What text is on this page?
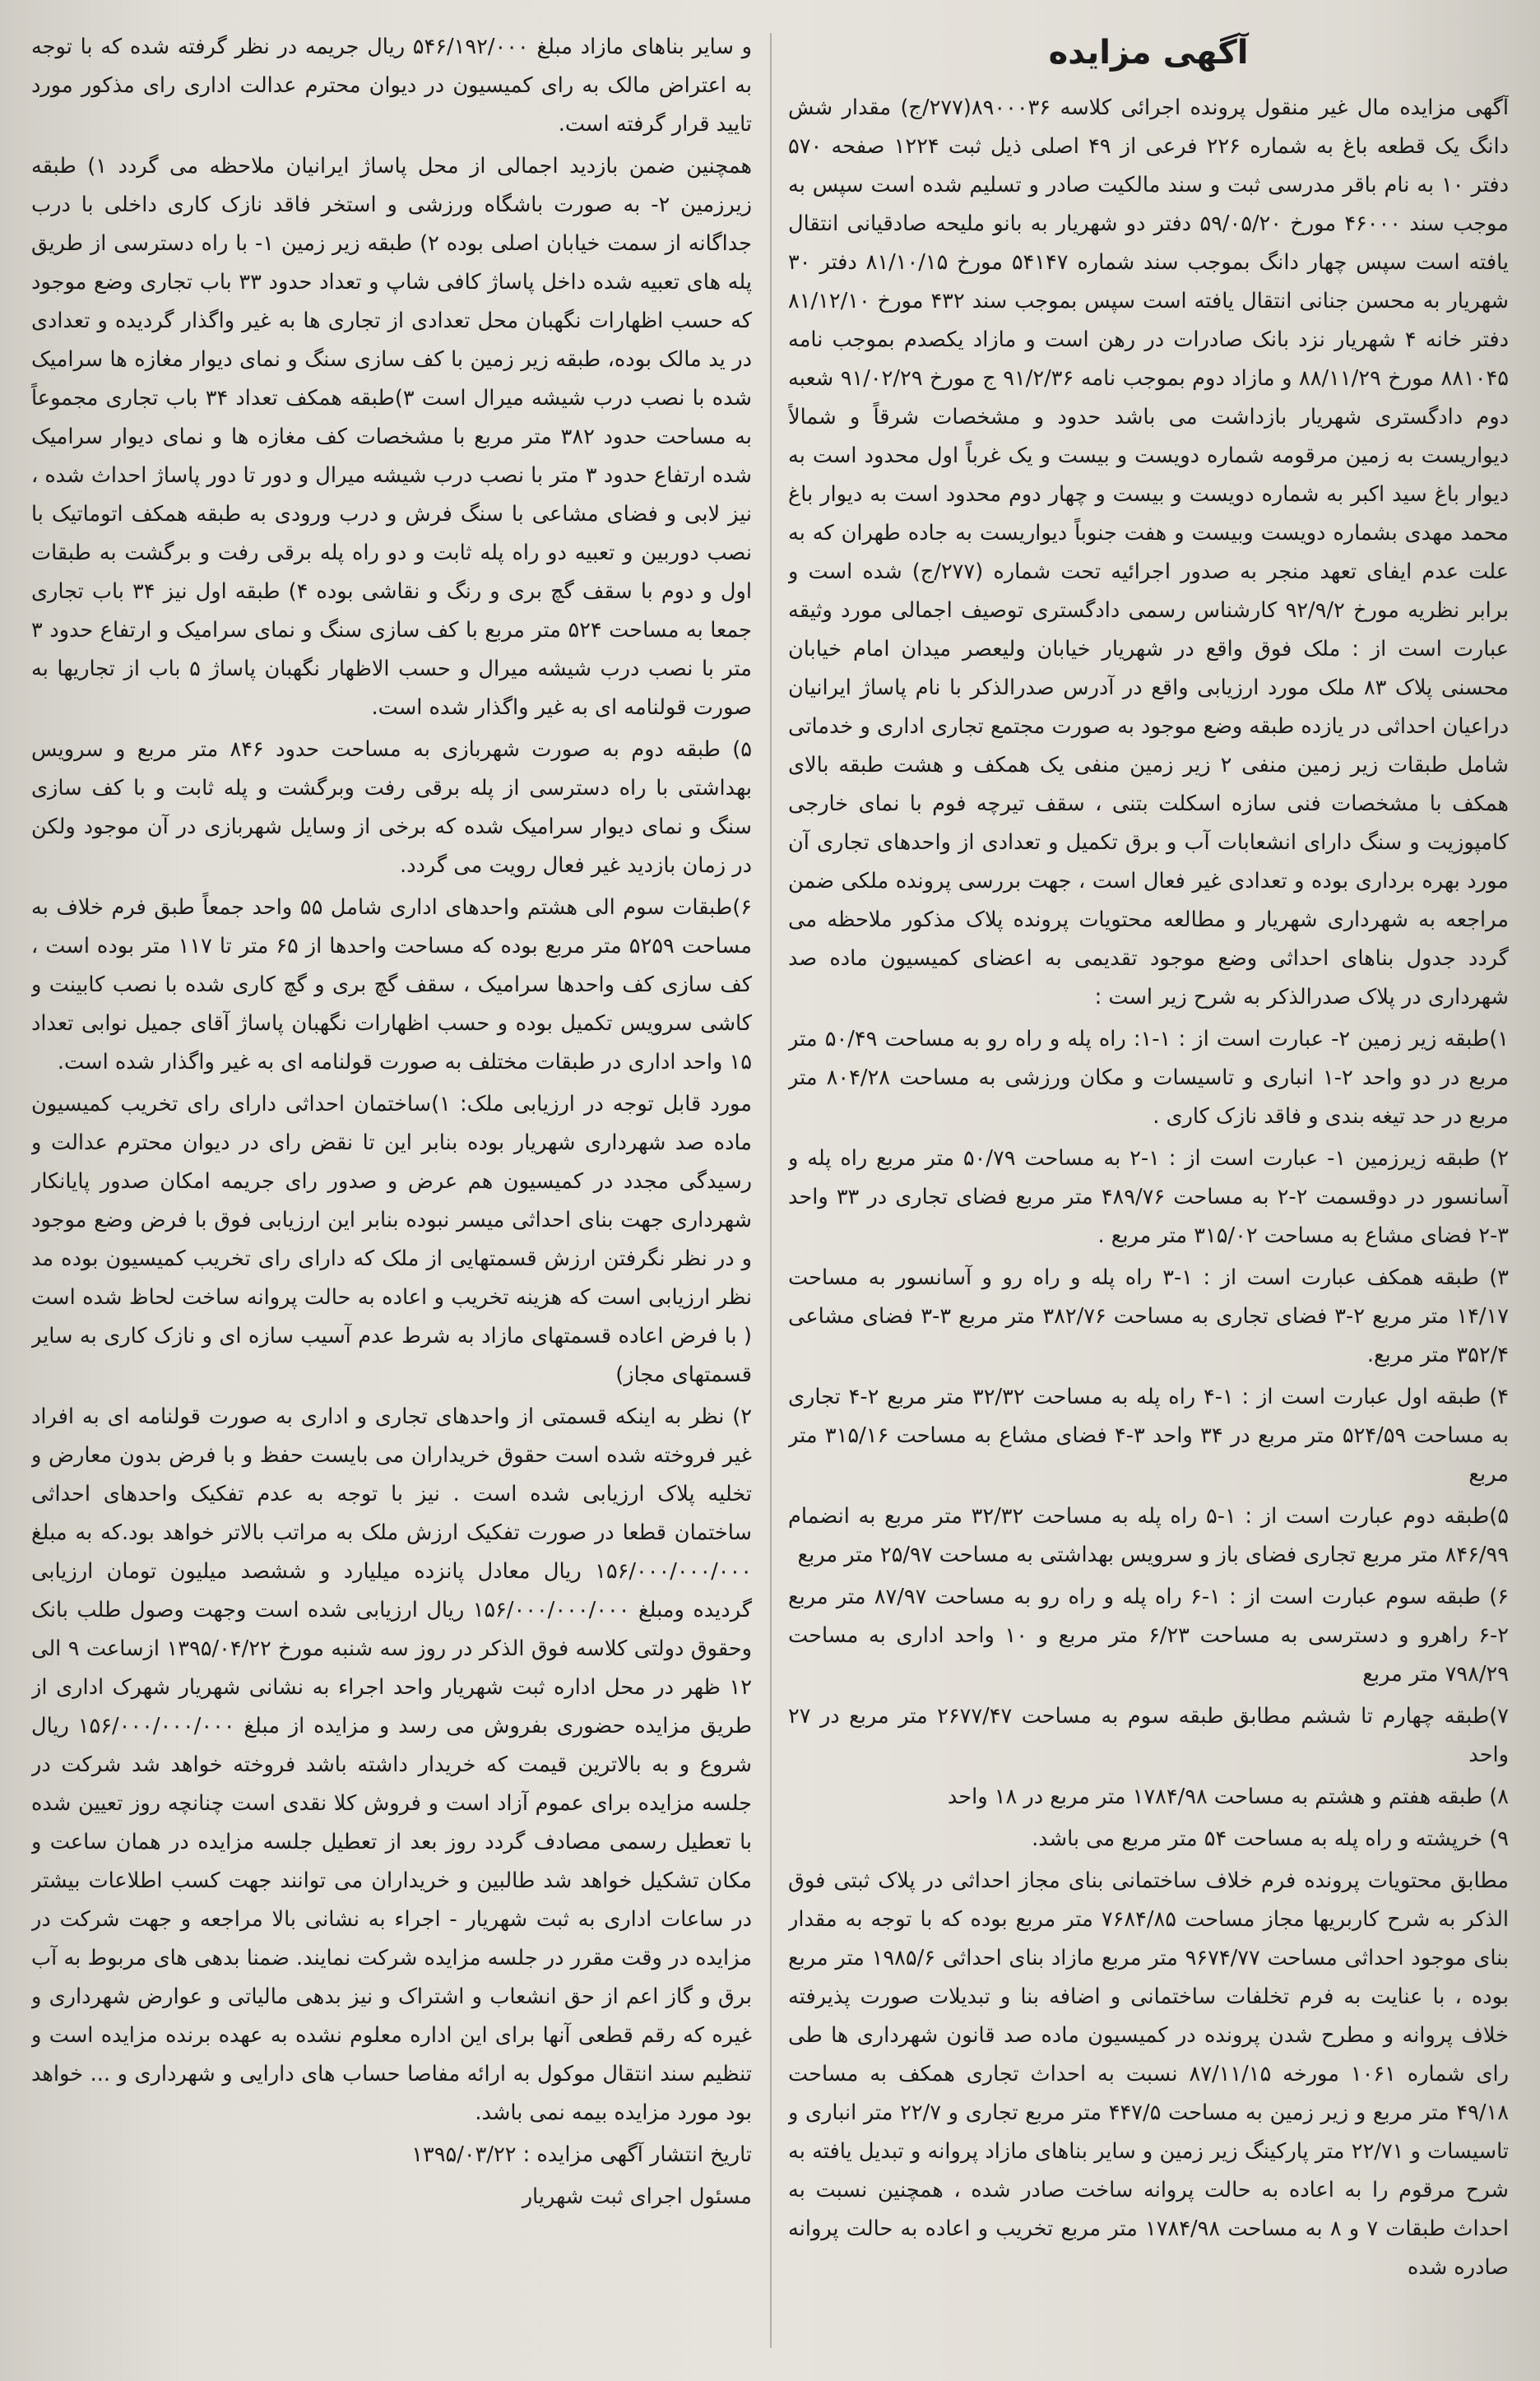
آگهی مزایده

آگهی مزایده مال غیر منقول پرونده اجرائی کلاسه ۸۹۰۰۰۳۶(۲۷۷/ج) مقدار شش دانگ یک قطعه باغ به شماره ۲۲۶ فرعی از ۴۹ اصلی ذیل ثبت ۱۲۲۴ صفحه ۵۷۰ دفتر ۱۰ به نام باقر مدرسی ثبت و سند مالکیت صادر و تسلیم شده است سپس به موجب سند ۴۶۰۰۰ مورخ ۵۹/۰۵/۲۰ دفتر دو شهریار به بانو ملیحه صادقیانی انتقال یافته است سپس چهار دانگ بموجب سند شماره ۵۴۱۴۷ مورخ ۸۱/۱۰/۱۵ دفتر ۳۰ شهریار به محسن جنانی انتقال یافته است سپس بموجب سند ۴۳۲ مورخ ۸۱/۱۲/۱۰ دفتر خانه ۴ شهریار نزد بانک صادرات در رهن است و مازاد یکصدم بموجب نامه ۸۸۱۰۴۵ مورخ ۸۸/۱۱/۲۹ و مازاد دوم بموجب نامه ۹۱/۲/۳۶ ج مورخ ۹۱/۰۲/۲۹ شعبه دوم دادگستری شهریار بازداشت می باشد حدود و مشخصات شرقاً و شمالاً دیواریست به زمین مرقومه شماره دویست و بیست و یک غرباً اول محدود است به دیوار باغ سید اکبر به شماره دویست و بیست و چهار دوم محدود است به دیوار باغ محمد مهدی بشماره دویست وبیست و هفت جنوباً دیواریست به جاده طهران که به علت عدم ایفای تعهد منجر به صدور اجرائیه تحت شماره (۲۷۷/ج) شده است و برابر نظریه مورخ ۹۲/۹/۲ کارشناس رسمی دادگستری توصیف اجمالی مورد وثیقه عبارت است از : ملک فوق واقع در شهریار خیابان ولیعصر میدان امام خیابان محسنی پلاک ۸۳ ملک مورد ارزیابی واقع در آدرس صدرالذکر با نام پاساژ ایرانیان دراعیان احداثی در یازده طبقه وضع موجود به صورت مجتمع تجاری اداری و خدماتی شامل طبقات زیر زمین منفی ۲ زیر زمین منفی یک همکف و هشت طبقه بالای همکف با مشخصات فنی سازه اسکلت بتنی ، سقف تیرچه فوم با نمای خارجی کامپوزیت و سنگ دارای انشعابات آب و برق تکمیل و تعدادی از واحدهای تجاری آن مورد بهره برداری بوده و تعدادی غیر فعال است ، جهت بررسی پرونده ملکی ضمن مراجعه به شهرداری شهریار و مطالعه محتویات پرونده پلاک مذکور ملاحظه می گردد جدول بناهای احداثی وضع موجود تقدیمی به اعضای کمیسیون ماده صد شهرداری در پلاک صدرالذکر به شرح زیر است :

۱)طبقه زیر زمین ۲- عبارت است از : ۱-۱: راه پله و راه رو به مساحت ۵۰/۴۹ متر مربع در دو واحد ۲-۱ انباری و تاسیسات و مکان ورزشی به مساحت ۸۰۴/۲۸ متر مربع در حد تیغه بندی و فاقد نازک کاری .
۲) طبقه زیرزمین ۱- عبارت است از : ۱-۲ به مساحت ۵۰/۷۹ متر مربع راه پله و آسانسور در دوقسمت ۲-۲ به مساحت ۴۸۹/۷۶ متر مربع فضای تجاری در ۳۳ واحد ۳-۲ فضای مشاع به مساحت ۳۱۵/۰۲ متر مربع .
۳) طبقه همکف عبارت است از : ۱-۳ راه پله و راه رو و آسانسور به مساحت ۱۴/۱۷ متر مربع ۲-۳ فضای تجاری به مساحت ۳۸۲/۷۶ متر مربع ۳-۳ فضای مشاعی ۳۵۲/۴ متر مربع.
۴) طبقه اول عبارت است از : ۱-۴ راه پله به مساحت ۳۲/۳۲ متر مربع ۲-۴ تجاری به مساحت ۵۲۴/۵۹ متر مربع در ۳۴ واحد ۳-۴ فضای مشاع به مساحت ۳۱۵/۱۶ متر مربع
۵)طبقه دوم عبارت است از : ۱-۵ راه پله به مساحت ۳۲/۳۲ متر مربع به انضمام ۸۴۶/۹۹ متر مربع تجاری فضای باز و سرویس بهداشتی به مساحت ۲۵/۹۷ متر مربع
۶) طبقه سوم عبارت است از : ۱-۶ راه پله و راه رو به مساحت ۸۷/۹۷ متر مربع ۲-۶ راهرو و دسترسی به مساحت ۶/۲۳ متر مربع و ۱۰ واحد اداری به مساحت ۷۹۸/۲۹ متر مربع
۷)طبقه چهارم تا ششم مطابق طبقه سوم به مساحت ۲۶۷۷/۴۷ متر مربع در ۲۷ واحد
۸) طبقه هفتم و هشتم به مساحت ۱۷۸۴/۹۸ متر مربع در ۱۸ واحد
۹) خرپشته و راه پله به مساحت ۵۴ متر مربع می باشد.

مطابق محتویات پرونده فرم خلاف ساختمانی بنای مجاز احداثی در پلاک ثبتی فوق الذکر به شرح کاربریها مجاز مساحت ۷۶۸۴/۸۵ متر مربع بوده که با توجه به مقدار بنای موجود احداثی مساحت ۹۶۷۴/۷۷ متر مربع مازاد بنای احداثی ۱۹۸۵/۶ متر مربع بوده ، با عنایت به فرم تخلفات ساختمانی و اضافه بنا و تبدیلات صورت پذیرفته خلاف پروانه و مطرح شدن پرونده در کمیسیون ماده صد قانون شهرداری ها طی رای شماره ۱۰۶۱ مورخه ۸۷/۱۱/۱۵ نسبت به احداث تجاری همکف به مساحت ۴۹/۱۸ متر مربع و زیر زمین به مساحت ۴۴۷/۵ متر مربع تجاری و ۲۲/۷ متر انباری و تاسیسات و ۲۲/۷۱ متر پارکینگ زیر زمین و سایر بناهای مازاد پروانه و تبدیل یافته به شرح مرقوم را به اعاده به حالت پروانه ساخت صادر شده ، همچنین نسبت به احداث طبقات ۷ و ۸ به مساحت ۱۷۸۴/۹۸ متر مربع تخریب و اعاده به حالت پروانه صادره شده

و سایر بناهای مازاد مبلغ ۵۴۶/۱۹۲/۰۰۰ ریال جریمه در نظر گرفته شده که با توجه به اعتراض مالک به رای کمیسیون در دیوان محترم عدالت اداری رای مذکور مورد تایید قرار گرفته است.

همچنین ضمن بازدید اجمالی از محل پاساژ ایرانیان ملاحظه می گردد ۱) طبقه زیرزمین ۲- به صورت باشگاه ورزشی و استخر فاقد نازک کاری داخلی با درب جداگانه از سمت خیابان اصلی بوده ۲) طبقه زیر زمین ۱- با راه دسترسی از طریق پله های تعبیه شده داخل پاساژ کافی شاپ و تعداد حدود ۳۳ باب تجاری وضع موجود که حسب اظهارات نگهبان محل تعدادی از تجاری ها به غیر واگذار گردیده و تعدادی در ید مالک بوده، طبقه زیر زمین با کف سازی سنگ و نمای دیوار مغازه ها سرامیک شده با نصب درب شیشه میرال است ۳)طبقه همکف تعداد ۳۴ باب تجاری مجموعاً به مساحت حدود ۳۸۲ متر مربع با مشخصات کف مغازه ها و نمای دیوار سرامیک شده ارتفاع حدود ۳ متر با نصب درب شیشه میرال و دور تا دور پاساژ احداث شده ، نیز لابی و فضای مشاعی با سنگ فرش و درب ورودی به طبقه همکف اتوماتیک با نصب دوربین و تعبیه دو راه پله ثابت و دو راه پله برقی رفت و برگشت به طبقات اول و دوم با سقف گچ بری و رنگ و نقاشی بوده ۴) طبقه اول نیز ۳۴ باب تجاری جمعا به مساحت ۵۲۴ متر مربع با کف سازی سنگ و نمای سرامیک و ارتفاع حدود ۳ متر با نصب درب شیشه میرال و حسب الاظهار نگهبان پاساژ ۵ باب از تجاریها به صورت قولنامه ای به غیر واگذار شده است.

۵) طبقه دوم به صورت شهربازی به مساحت حدود ۸۴۶ متر مربع و سرویس بهداشتی با راه دسترسی از پله برقی رفت وبرگشت و پله ثابت و با کف سازی سنگ و نمای دیوار سرامیک شده که برخی از وسایل شهربازی در آن موجود ولکن در زمان بازدید غیر فعال رویت می گردد.

۶)طبقات سوم الی هشتم واحدهای اداری شامل ۵۵ واحد جمعاً طبق فرم خلاف به مساحت ۵۲۵۹ متر مربع بوده که مساحت واحدها از ۶۵ متر تا ۱۱۷ متر بوده است ، کف سازی کف واحدها سرامیک ، سقف گچ بری و گچ کاری شده با نصب کابینت و کاشی سرویس تکمیل بوده و حسب اظهارات نگهبان پاساژ آقای جمیل نوابی تعداد ۱۵ واحد اداری در طبقات مختلف به صورت قولنامه ای به غیر واگذار شده است.

مورد قابل توجه در ارزیابی ملک: ۱)ساختمان احداثی دارای رای تخریب کمیسیون ماده صد شهرداری شهریار بوده بنابر این تا نقض رای در دیوان محترم عدالت و رسیدگی مجدد در کمیسیون هم عرض و صدور رای جریمه امکان صدور پایانکار شهرداری جهت بنای احداثی میسر نبوده بنابر این ارزیابی فوق با فرض وضع موجود و در نظر نگرفتن ارزش قسمتهایی از ملک که دارای رای تخریب کمیسیون بوده مد نظر ارزیابی است که هزینه تخریب و اعاده به حالت پروانه ساخت لحاظ شده است ( با فرض اعاده قسمتهای مازاد به شرط عدم آسیب سازه ای و نازک کاری به سایر قسمتهای مجاز)

۲) نظر به اینکه قسمتی از واحدهای تجاری و اداری به صورت قولنامه ای به افراد غیر فروخته شده است حقوق خریداران می بایست حفظ و با فرض بدون معارض و تخلیه پلاک ارزیابی شده است . نیز با توجه به عدم تفکیک واحدهای احداثی ساختمان قطعا در صورت تفکیک ارزش ملک به مراتب بالاتر خواهد بود.که به مبلغ ۱۵۶/۰۰۰/۰۰۰/۰۰۰ ریال معادل پانزده میلیارد و ششصد میلیون تومان ارزیابی گردیده ومبلغ ۱۵۶/۰۰۰/۰۰۰/۰۰۰ ریال ارزیابی شده است وجهت وصول طلب بانک وحقوق دولتی کلاسه فوق الذکر در روز سه شنبه مورخ ۱۳۹۵/۰۴/۲۲ ازساعت ۹ الی ۱۲ ظهر در محل اداره ثبت شهریار واحد اجراء به نشانی شهریار شهرک اداری از طریق مزایده حضوری بفروش می رسد و مزایده از مبلغ ۱۵۶/۰۰۰/۰۰۰/۰۰۰ ریال شروع و به بالاترین قیمت که خریدار داشته باشد فروخته خواهد شد شرکت در جلسه مزایده برای عموم آزاد است و فروش کلا نقدی است چنانچه روز تعیین شده با تعطیل رسمی مصادف گردد روز بعد از تعطیل جلسه مزایده در همان ساعت و مکان تشکیل خواهد شد طالبین و خریداران می توانند جهت کسب اطلاعات بیشتر در ساعات اداری به ثبت شهریار - اجراء به نشانی بالا مراجعه و جهت شرکت در مزایده در وقت مقرر در جلسه مزایده شرکت نمایند. ضمنا بدهی های مربوط به آب برق و گاز اعم از حق انشعاب و اشتراک و نیز بدهی مالیاتی و عوارض شهرداری و غیره که رقم قطعی آنها برای این اداره معلوم نشده به عهده برنده مزایده است و تنظیم سند انتقال موکول به ارائه مفاصا حساب های دارایی و شهرداری و ... خواهد بود مورد مزایده بیمه نمی باشد.

تاریخ انتشار آگهی مزایده : ۱۳۹۵/۰۳/۲۲
مسئول اجرای ثبت شهریار
